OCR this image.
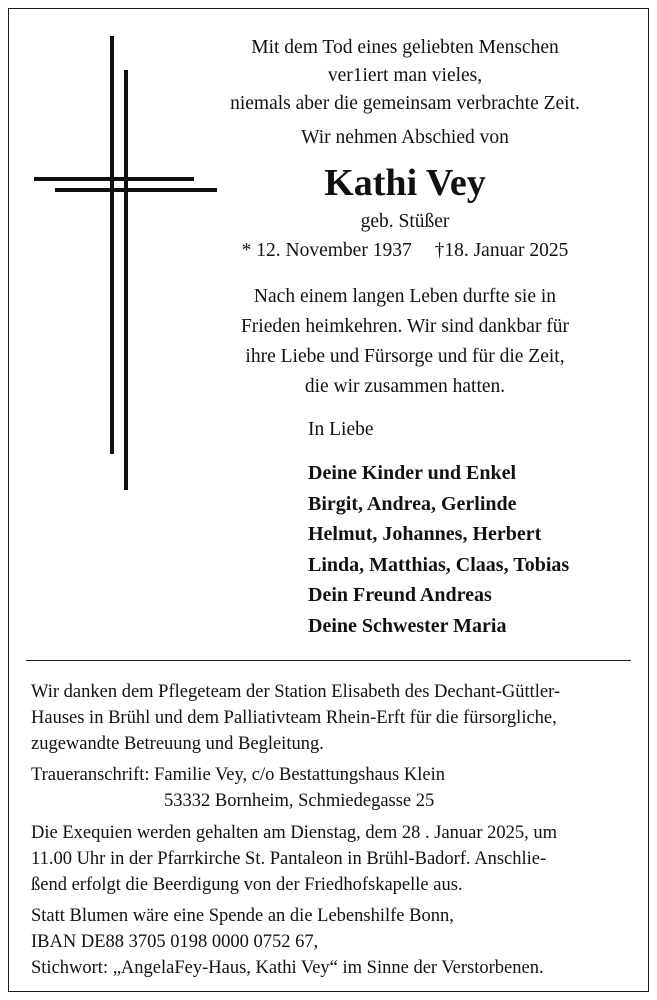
Mit dem Tod eines geliebten Menschen
ver1iert man vieles,
niemals aber die gemeinsam verbrachte Zeit.
Wir nehmen Abschied von
Kathi Vey
geb. Stüßer
* 12. November 1937 †18. Januar 2025
Nach einem langen Leben durfte sie in
Frieden heimkehren. Wir sind dankbar für
ihre Liebe und Fürsorge und für die Zeit,
die wir zusammen hatten.
In Liebe
Deine Kinder und Enkel
Birgit, Andrea, Gerlinde
Helmut, Johannes, Herbert
Linda, Matthias, Claas, Tobias
Dein Freund Andreas
Deine Schwester Maria
Wir danken dem Pflegeteam der Station Elisabeth des Dechant-Güttler-
Hauses in Brühl und dem Palliativteam Rhein-Erft für die fürsorgliche,
zugewandte Betreuung und Begleitung.
Traueranschrift: Familie Vey, c/o Bestattungshaus Klein
53332 Bornheim, Schmiedegasse 25
Die Exequien werden gehalten am Dienstag, dem 28 . Januar 2025, um
11.00 Uhr in der Pfarrkirche St. Pantaleon in Brühl-Badorf. Anschlie-
ßend erfolgt die Beerdigung von der Friedhofskapelle aus.
Statt Blumen wäre eine Spende an die Lebenshilfe Bonn,
IBAN DE88 3705 0198 0000 0752 67,
Stichwort: „AngelaFey-Haus, Kathi Vey“ im Sinne der Verstorbenen.
